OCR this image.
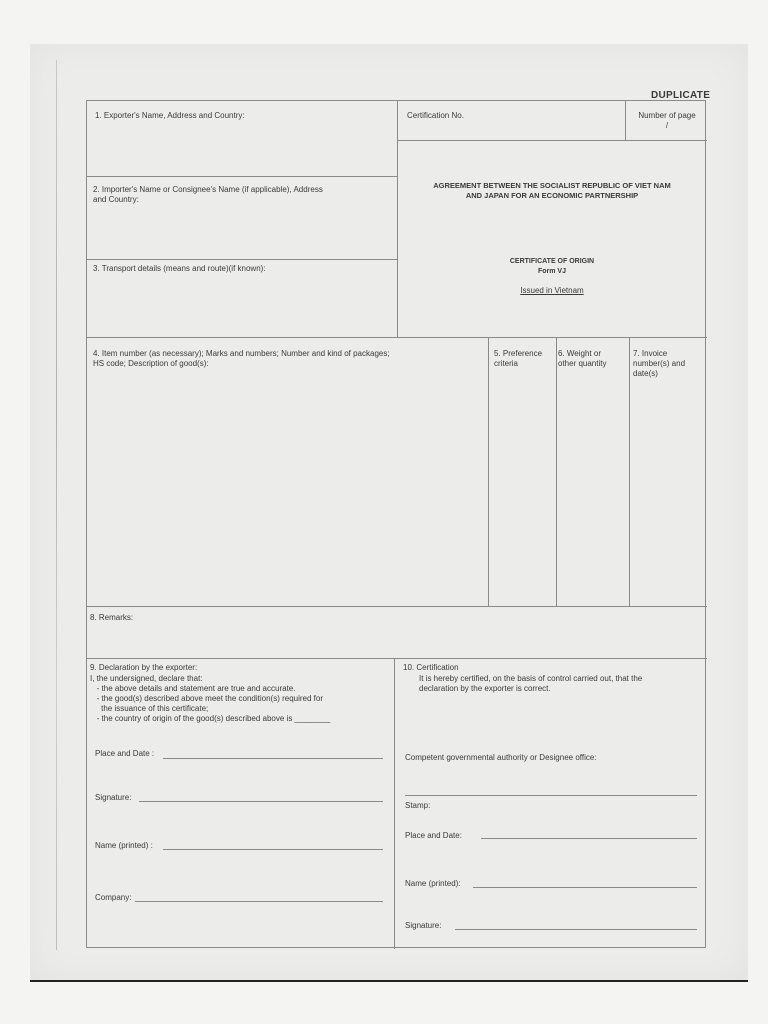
DUPLICATE
1. Exporter's Name, Address and Country:	Certification No.	Number of page
/
2. Importer's Name or Consignee's Name (if applicable), Address
and Country:
AGREEMENT BETWEEN THE SOCIALIST REPUBLIC OF VIET NAM
AND JAPAN FOR AN ECONOMIC PARTNERSHIP
3. Transport details (means and route)(if known):
CERTIFICATE OF ORIGIN
Form VJ
Issued in Vietnam
4. Item number (as necessary); Marks and numbers; Number and kind of packages;
HS code; Description of good(s):
5. Preference
criteria
6. Weight or
other quantity
7. Invoice
number(s) and
date(s)
8. Remarks:
9. Declaration by the exporter:
I, the undersigned, declare that:
- the above details and statement are true and accurate.
- the good(s) described above meet the condition(s) required for
the issuance of this certificate;
- the country of origin of the good(s) described above is ________
Place and Date :
Signature:
Name (printed) :
Company:
10. Certification
It is hereby certified, on the basis of control carried out, that the
declaration by the exporter is correct.
Competent governmental authority or Designee office:
Stamp:
Place and Date:
Name (printed):
Signature:
